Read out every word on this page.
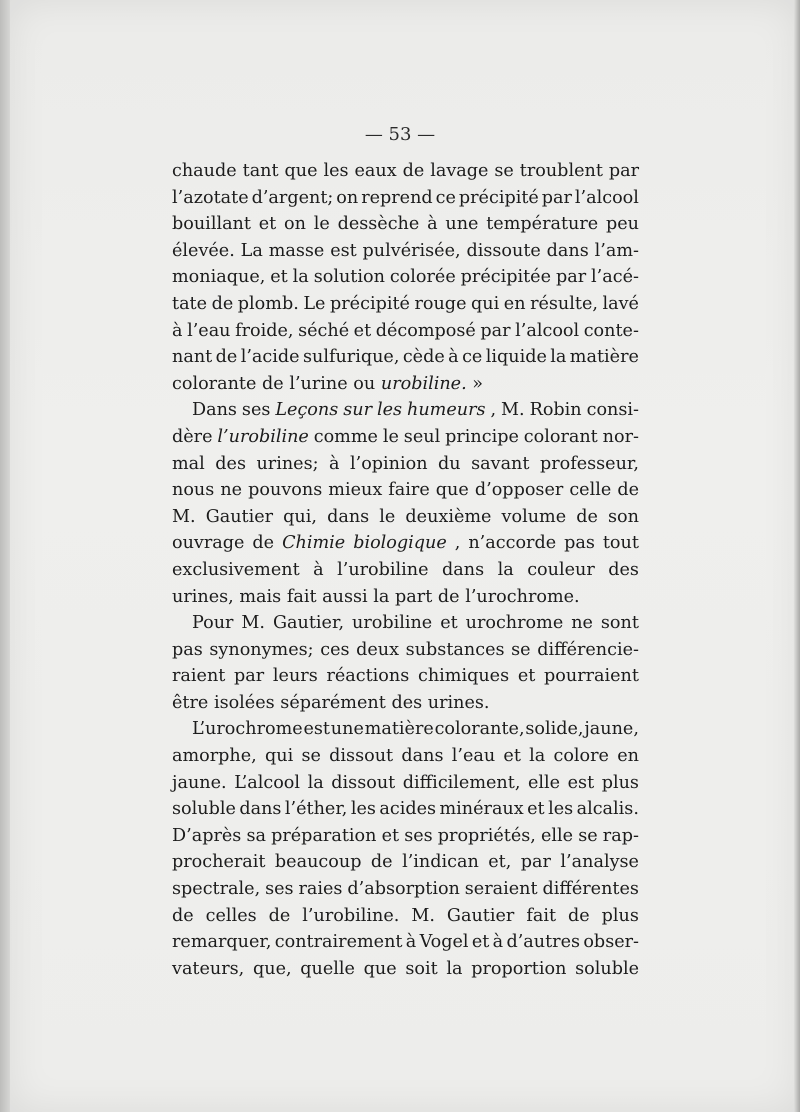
— 53 —
chaude tant que les eaux de lavage se troublent par
l’azotate d’argent; on reprend ce précipité par l’alcool
bouillant et on le dessèche à une température peu
élevée. La masse est pulvérisée, dissoute dans l’am-
moniaque, et la solution colorée précipitée par l’acé-
tate de plomb. Le précipité rouge qui en résulte, lavé
à l’eau froide, séché et décomposé par l’alcool conte-
nant de l’acide sulfurique, cède à ce liquide la matière
colorante de l’urine ou urobiline. »
Dans ses Leçons sur les humeurs , M. Robin consi-
dère l’urobiline comme le seul principe colorant nor-
mal des urines; à l’opinion du savant professeur,
nous ne pouvons mieux faire que d’opposer celle de
M. Gautier qui, dans le deuxième volume de son
ouvrage de Chimie biologique , n’accorde pas tout
exclusivement à l’urobiline dans la couleur des
urines, mais fait aussi la part de l’urochrome.
Pour M. Gautier, urobiline et urochrome ne sont
pas synonymes; ces deux substances se différencie-
raient par leurs réactions chimiques et pourraient
être isolées séparément des urines.
L’urochrome est une matière colorante, solide, jaune,
amorphe, qui se dissout dans l’eau et la colore en
jaune. L’alcool la dissout difficilement, elle est plus
soluble dans l’éther, les acides minéraux et les alcalis.
D’après sa préparation et ses propriétés, elle se rap-
procherait beaucoup de l’indican et, par l’analyse
spectrale, ses raies d’absorption seraient différentes
de celles de l’urobiline. M. Gautier fait de plus
remarquer, contrairement à Vogel et à d’autres obser-
vateurs, que, quelle que soit la proportion soluble
